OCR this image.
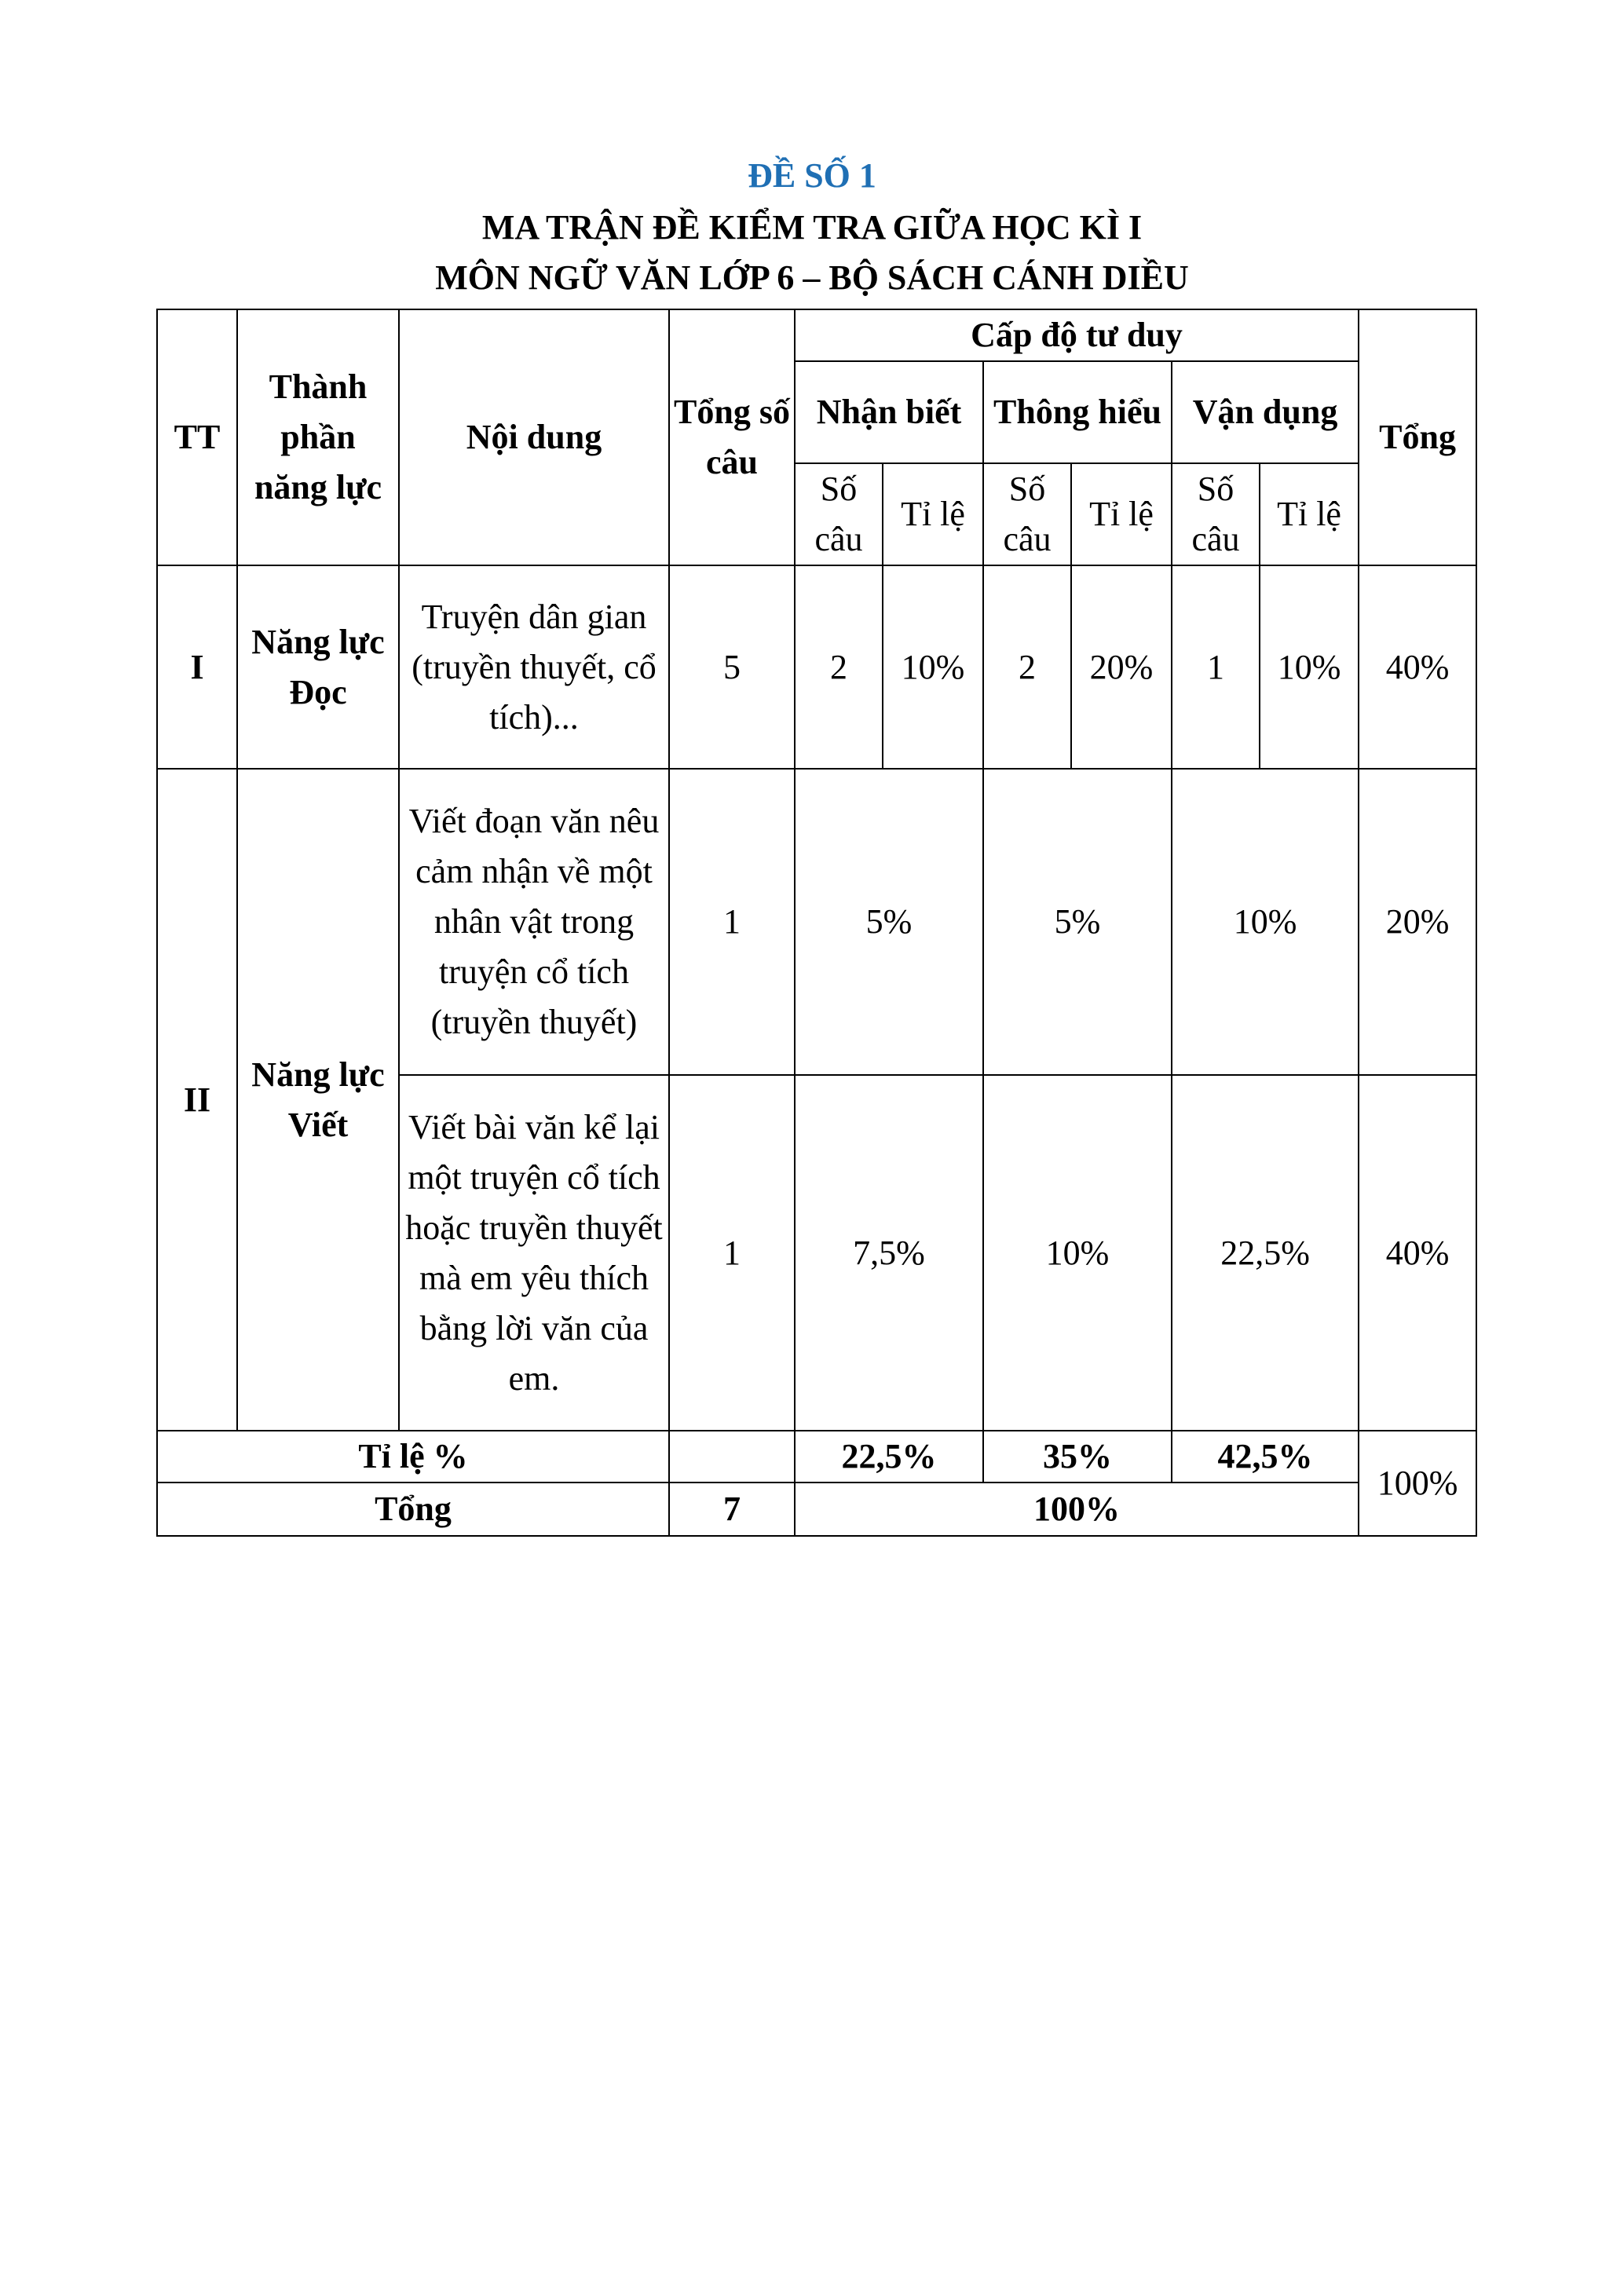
ĐỀ SỐ 1
MA TRẬN ĐỀ KIỂM TRA GIỮA HỌC KÌ I
MÔN NGỮ VĂN LỚP 6 – BỘ SÁCH CÁNH DIỀU
TT	Thành phần năng lực	Nội dung	Tổng số câu	Cấp độ tư duy						Tổng
				Nhận biết		Thông hiểu		Vận dụng		
				Số câu	Tỉ lệ	Số câu	Tỉ lệ	Số câu	Tỉ lệ	
I	Năng lực Đọc	Truyện dân gian (truyền thuyết, cổ tích)...	5	2	10%	2	20%	1	10%	40%
II	Năng lực Viết	Viết đoạn văn nêu cảm nhận về một nhân vật trong truyện cổ tích (truyền thuyết)	1	5%		5%		10%		20%
		Viết bài văn kể lại một truyện cổ tích hoặc truyền thuyết mà em yêu thích bằng lời văn của em.	1	7,5%		10%		22,5%		40%
Tỉ lệ %				22,5%		35%		42,5%		100%
Tổng			7	100%						
